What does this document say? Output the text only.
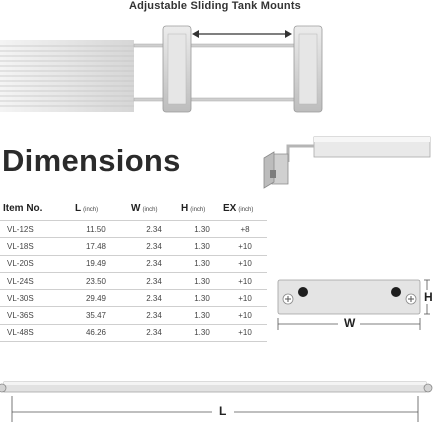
Adjustable Sliding Tank Mounts
Dimensions
Item No.	L (inch)	W (inch)	H (inch)	EX (inch)
VL-12S	11.50	2.34	1.30	+8
VL-18S	17.48	2.34	1.30	+10
VL-20S	19.49	2.34	1.30	+10
VL-24S	23.50	2.34	1.30	+10
VL-30S	29.49	2.34	1.30	+10
VL-36S	35.47	2.34	1.30	+10
VL-48S	46.26	2.34	1.30	+10
W
H
L
